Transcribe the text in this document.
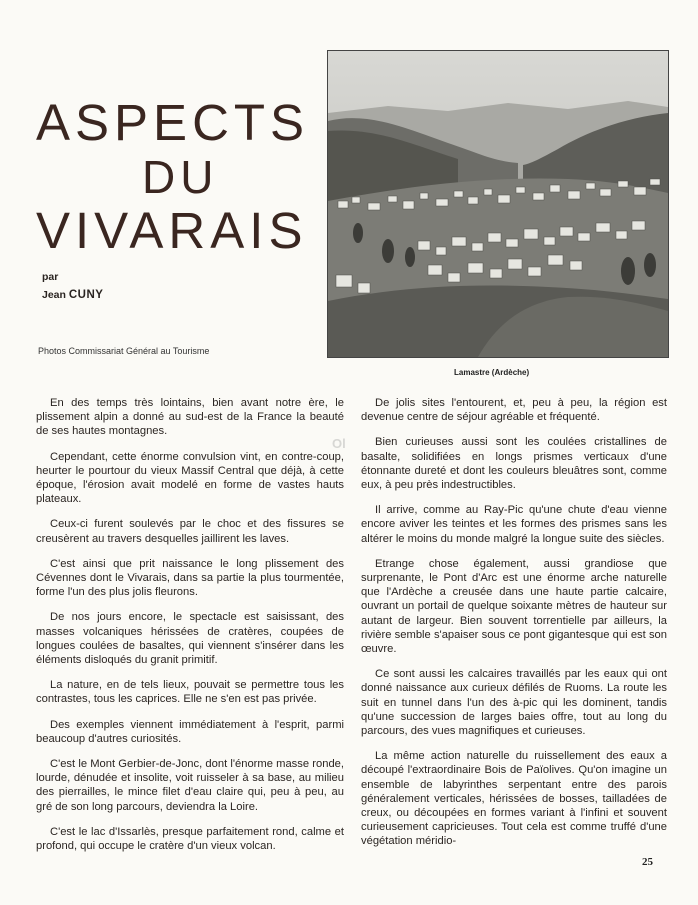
ASPECTS
DU
VIVARAIS
par
Jean CUNY
Photos Commissariat Général au Tourisme
Lamastre (Ardèche)
Ol

En des temps très lointains, bien avant notre ère, le plissement alpin a donné au sud-est de la France la beauté de ses hautes montagnes.

Cependant, cette énorme convulsion vint, en contre-coup, heurter le pourtour du vieux Massif Central que déjà, à cette époque, l'érosion avait modelé en forme de vastes hauts plateaux.

Ceux-ci furent soulevés par le choc et des fissures se creusèrent au travers desquelles jaillirent les laves.

C'est ainsi que prit naissance le long plissement des Cévennes dont le Vivarais, dans sa partie la plus tourmentée, forme l'un des plus jolis fleurons.

De nos jours encore, le spectacle est saisissant, des masses volcaniques hérissées de cratères, coupées de longues coulées de basaltes, qui viennent s'insérer dans les éléments disloqués du granit primitif.

La nature, en de tels lieux, pouvait se permettre tous les contrastes, tous les caprices. Elle ne s'en est pas privée.

Des exemples viennent immédiatement à l'esprit, parmi beaucoup d'autres curiosités.

C'est le Mont Gerbier-de-Jonc, dont l'énorme masse ronde, lourde, dénudée et insolite, voit ruisseler à sa base, au milieu des pierrailles, le mince filet d'eau claire qui, peu à peu, au gré de son long parcours, deviendra la Loire.

C'est le lac d'Issarlès, presque parfaitement rond, calme et profond, qui occupe le cratère d'un vieux volcan.

De jolis sites l'entourent, et, peu à peu, la région est devenue centre de séjour agréable et fréquenté.

Bien curieuses aussi sont les coulées cristallines de basalte, solidifiées en longs prismes verticaux d'une étonnante dureté et dont les couleurs bleuâtres sont, comme eux, à peu près indestructibles.

Il arrive, comme au Ray-Pic qu'une chute d'eau vienne encore aviver les teintes et les formes des prismes sans les altérer le moins du monde malgré la longue suite des siècles.

Etrange chose également, aussi grandiose que surprenante, le Pont d'Arc est une énorme arche naturelle que l'Ardèche a creusée dans une haute partie calcaire, ouvrant un portail de quelque soixante mètres de hauteur sur autant de largeur. Bien souvent torrentielle par ailleurs, la rivière semble s'apaiser sous ce pont gigantesque qui est son œuvre.

Ce sont aussi les calcaires travaillés par les eaux qui ont donné naissance aux curieux défilés de Ruoms. La route les suit en tunnel dans l'un des à-pic qui les dominent, tandis qu'une succession de larges baies offre, tout au long du parcours, des vues magnifiques et curieuses.

La même action naturelle du ruissellement des eaux a découpé l'extraordinaire Bois de Païolives. Qu'on imagine un ensemble de labyrinthes serpentant entre des parois généralement verticales, hérissées de bosses, tailladées de creux, ou découpées en formes variant à l'infini et souvent curieusement capricieuses. Tout cela est comme truffé d'une végétation méridio-

25
